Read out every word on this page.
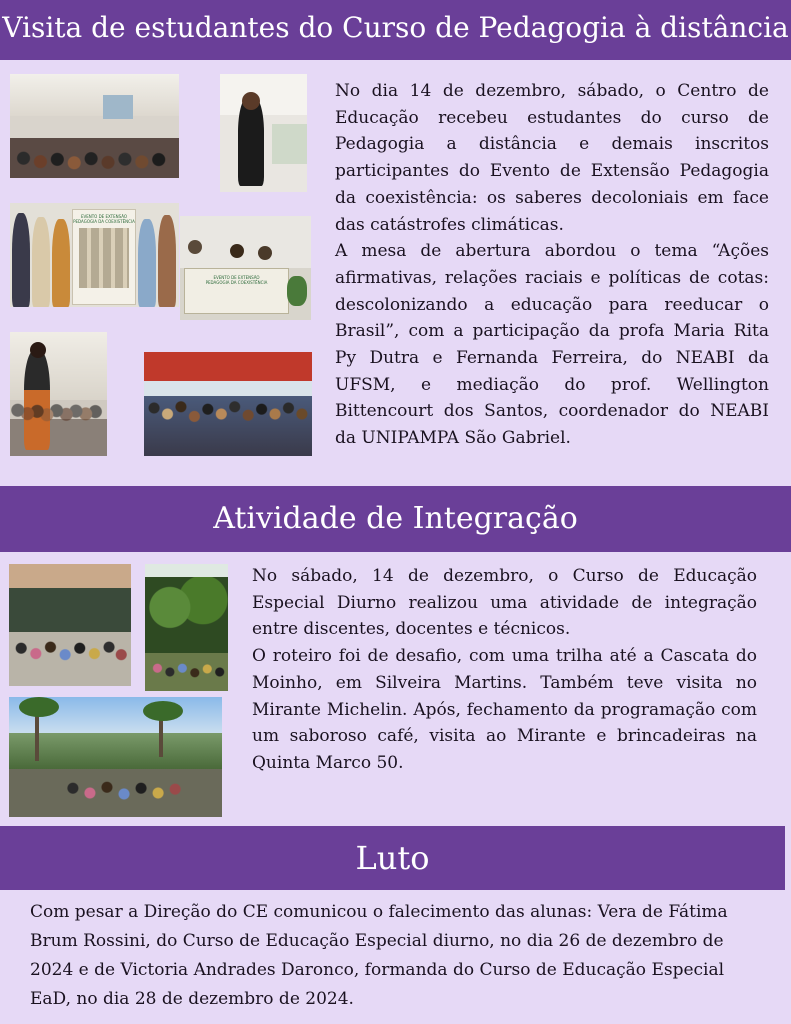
Visita de estudantes do Curso de Pedagogia à distância
EVENTO DE EXTENSÃO
PEDAGOGIA DA COEXISTÊNCIA
EVENTO DE EXTENSÃO
PEDAGOGIA DA COEXISTÊNCIA

No dia 14 de dezembro, sábado, o Centro de Educação recebeu estudantes do curso de Pedagogia a distância e demais inscritos participantes do Evento de Extensão Pedagogia da coexistência: os saberes decoloniais em face das catástrofes climáticas.

A mesa de abertura abordou o tema “Ações afirmativas, relações raciais e políticas de cotas: descolonizando a educação para reeducar o Brasil”, com a participação da profa Maria Rita Py Dutra e Fernanda Ferreira, do NEABI da UFSM, e mediação do prof. Wellington Bittencourt dos Santos, coordenador do NEABI da UNIPAMPA São Gabriel.

Atividade de Integração

No sábado, 14 de dezembro, o Curso de Educação Especial Diurno realizou uma atividade de integração entre discentes, docentes e técnicos.

O roteiro foi de desafio, com uma trilha até a Cascata do Moinho, em Silveira Martins. Também teve visita no Mirante Michelin. Após, fechamento da programação com um saboroso café, visita ao Mirante e brincadeiras na Quinta Marco 50.

Luto

Com pesar a Direção do CE comunicou o falecimento das alunas: Vera de Fátima Brum Rossini, do Curso de Educação Especial diurno, no dia 26 de dezembro de 2024 e de Victoria Andrades Daronco, formanda do Curso de Educação Especial EaD, no dia 28 de dezembro de 2024.
